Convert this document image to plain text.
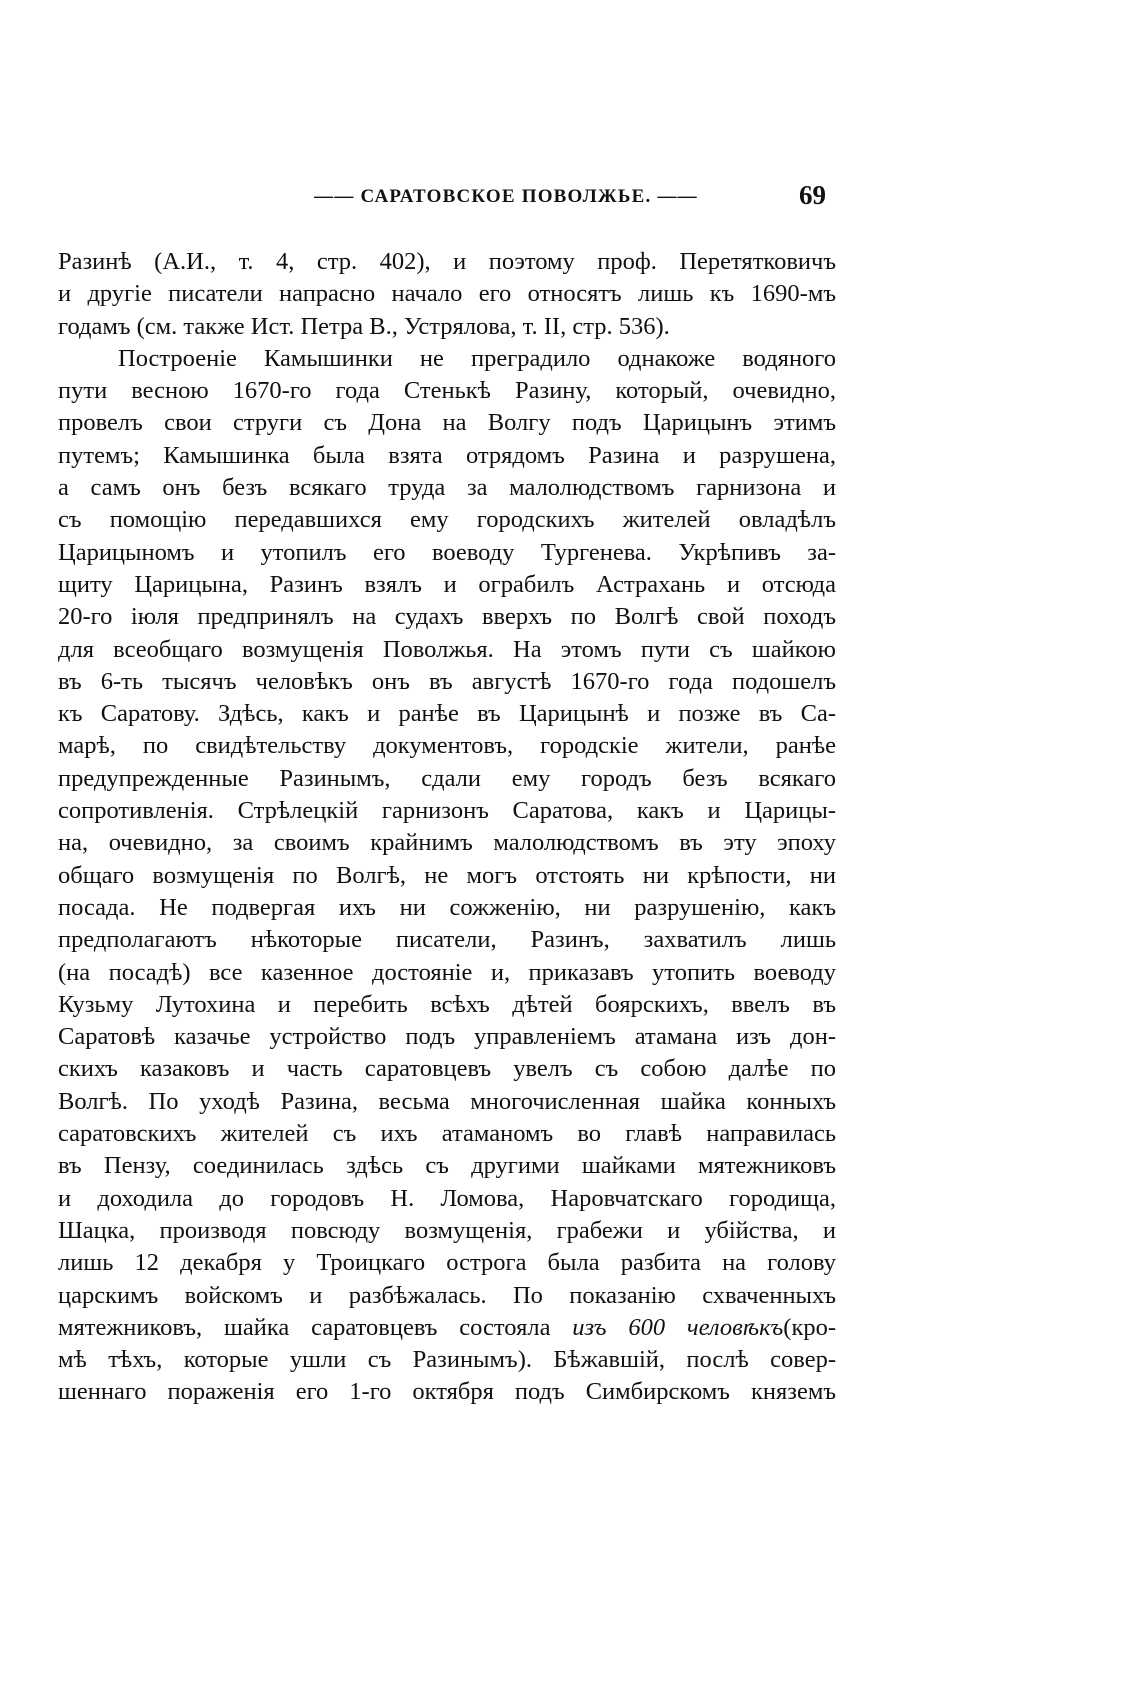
—— САРАТОВСКОЕ ПОВОЛЖЬЕ. ——	69
Разинѣ (А.И., т. 4, стр. 402), и поэтому проф. Перетятковичъ
и другіе писатели напрасно начало его относятъ лишь къ 1690-мъ
годамъ (см. также Ист. Петра В., Устрялова, т. II, стр. 536).
Построеніе Камышинки не преградило однакоже водяного
пути весною 1670-го года Стенькѣ Разину, который, очевидно,
провелъ свои струги съ Дона на Волгу подъ Царицынъ этимъ
путемъ; Камышинка была взята отрядомъ Разина и разрушена,
а самъ онъ безъ всякаго труда за малолюдствомъ гарнизона и
съ помощію передавшихся ему городскихъ жителей овладѣлъ
Царицыномъ и утопилъ его воеводу Тургенева. Укрѣпивъ за-
щиту Царицына, Разинъ взялъ и ограбилъ Астрахань и отсюда
20-го іюля предпринялъ на судахъ вверхъ по Волгѣ свой походъ
для всеобщаго возмущенія Поволжья. На этомъ пути съ шайкою
въ 6-ть тысячъ человѣкъ онъ въ августѣ 1670-го года подошелъ
къ Саратову. Здѣсь, какъ и ранѣе въ Царицынѣ и позже въ Са-
марѣ, по свидѣтельству документовъ, городскіе жители, ранѣе
предупрежденные Разинымъ, сдали ему городъ безъ всякаго
сопротивленія. Стрѣлецкій гарнизонъ Саратова, какъ и Царицы-
на, очевидно, за своимъ крайнимъ малолюдствомъ въ эту эпоху
общаго возмущенія по Волгѣ, не могъ отстоять ни крѣпости, ни
посада. Не подвергая ихъ ни сожженію, ни разрушенію, какъ
предполагаютъ нѣкоторые писатели, Разинъ, захватилъ лишь
(на посадѣ) все казенное достояніе и, приказавъ утопить воеводу
Кузьму Лутохина и перебить всѣхъ дѣтей боярскихъ, ввелъ въ
Саратовѣ казачье устройство подъ управленіемъ атамана изъ дон-
скихъ казаковъ и часть саратовцевъ увелъ съ собою далѣе по
Волгѣ. По уходѣ Разина, весьма многочисленная шайка конныхъ
саратовскихъ жителей съ ихъ атаманомъ во главѣ направилась
въ Пензу, соединилась здѣсь съ другими шайками мятежниковъ
и доходила до городовъ Н. Ломова, Наровчатскаго городища,
Шацка, производя повсюду возмущенія, грабежи и убійства, и
лишь 12 декабря у Троицкаго острога была разбита на голову
царскимъ войскомъ и разбѣжалась. По показанію схваченныхъ
мятежниковъ, шайка саратовцевъ состояла изъ 600 человѣкъ(кро-
мѣ тѣхъ, которые ушли съ Разинымъ). Бѣжавшій, послѣ совер-
шеннаго пораженія его 1-го октября подъ Симбирскомъ княземъ
